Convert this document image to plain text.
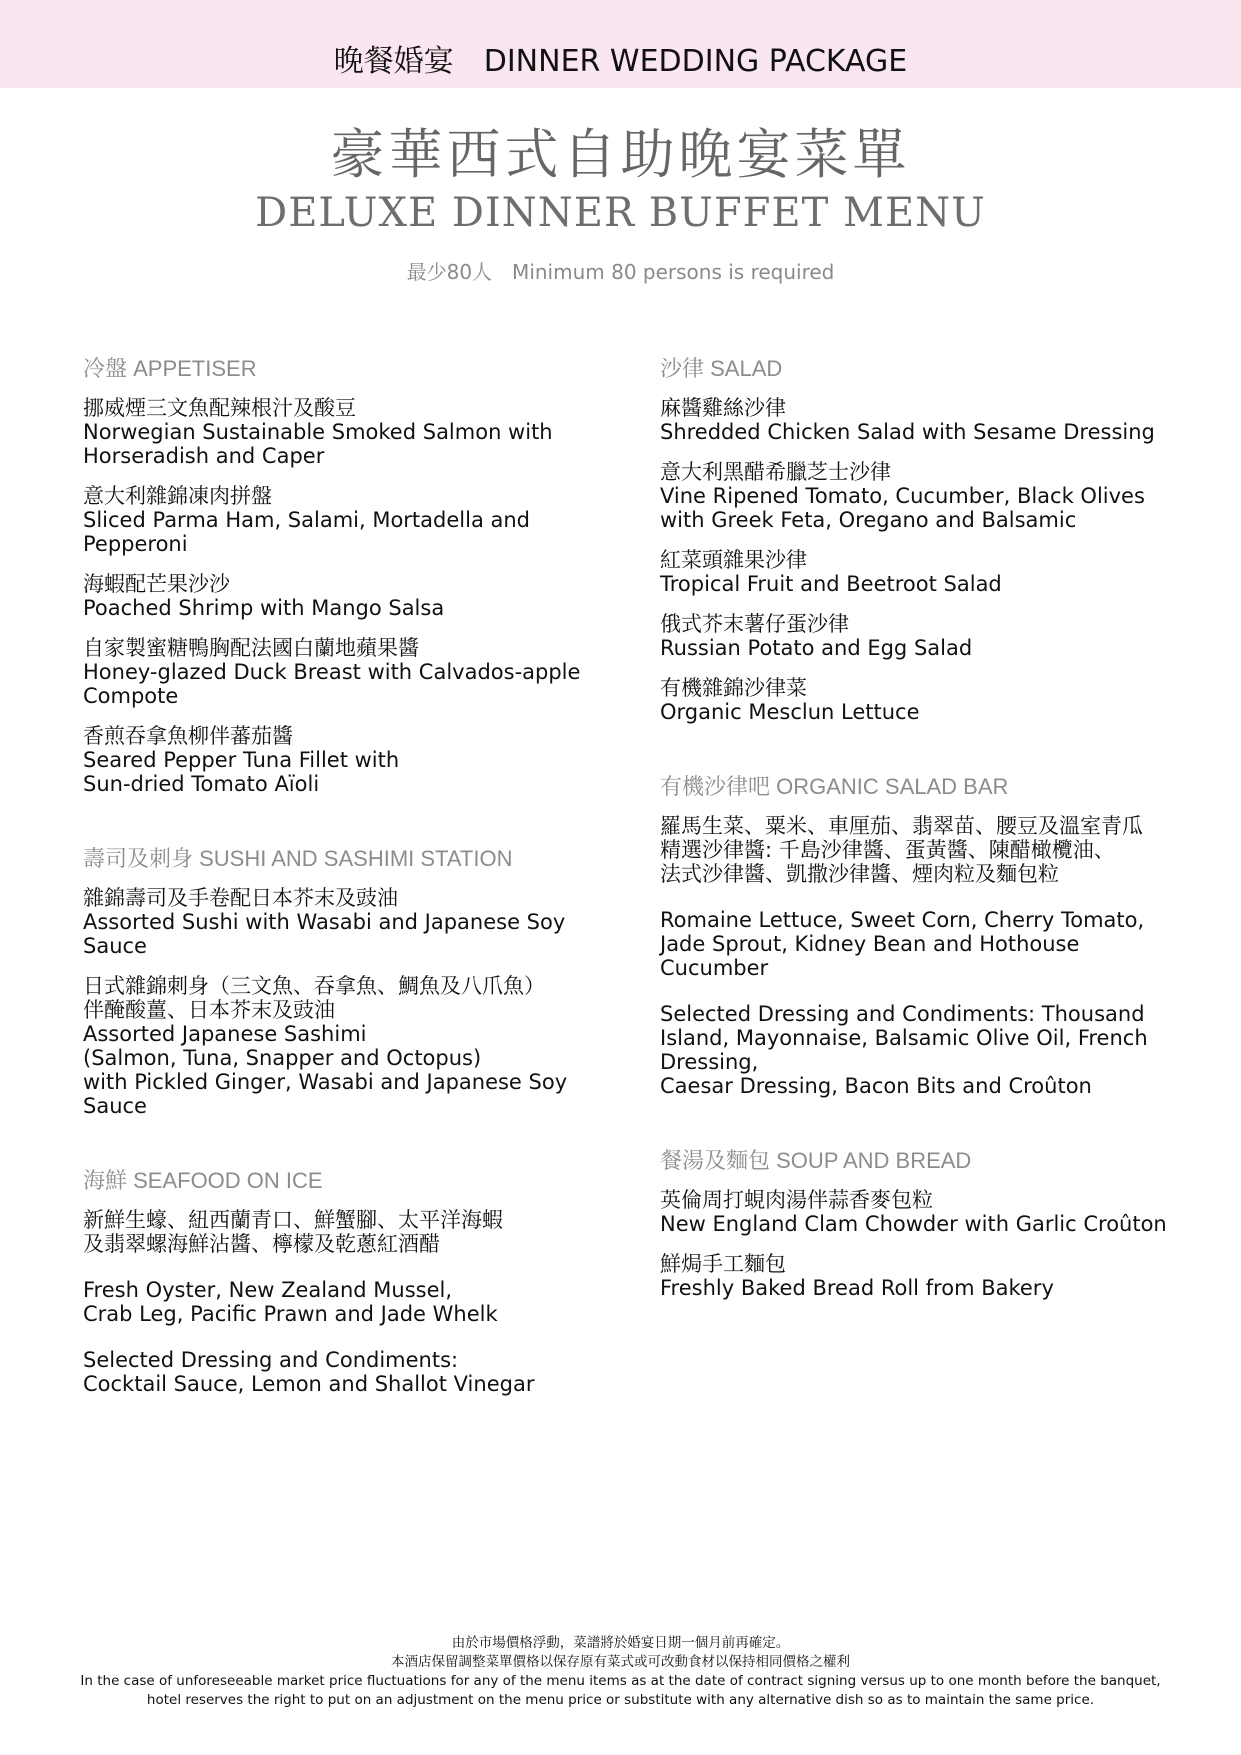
晚餐婚宴　DINNER WEDDING PACKAGE
豪華西式自助晚宴菜單
DELUXE DINNER BUFFET MENU
最少80人　Minimum 80 persons is required
冷盤 APPETISER
挪威煙三文魚配辣根汁及酸豆
Norwegian Sustainable Smoked Salmon with
Horseradish and Caper
意大利雜錦凍肉拼盤
Sliced Parma Ham, Salami, Mortadella and
Pepperoni
海蝦配芒果沙沙
Poached Shrimp with Mango Salsa
自家製蜜糖鴨胸配法國白蘭地蘋果醬
Honey-glazed Duck Breast with Calvados-apple
Compote
香煎吞拿魚柳伴蕃茄醬
Seared Pepper Tuna Fillet with
Sun-dried Tomato Aïoli
壽司及刺身 SUSHI AND SASHIMI STATION
雜錦壽司及手卷配日本芥末及豉油
Assorted Sushi with Wasabi and Japanese Soy
Sauce
日式雜錦刺身（三文魚、吞拿魚、鯛魚及八爪魚）
伴醃酸薑、日本芥末及豉油
Assorted Japanese Sashimi
(Salmon, Tuna, Snapper and Octopus)
with Pickled Ginger, Wasabi and Japanese Soy
Sauce
海鮮 SEAFOOD ON ICE
新鮮生蠔、紐西蘭青口、鮮蟹腳、太平洋海蝦
及翡翠螺海鮮沾醬、檸檬及乾蔥紅酒醋
Fresh Oyster, New Zealand Mussel,
Crab Leg, Pacific Prawn and Jade Whelk
Selected Dressing and Condiments:
Cocktail Sauce, Lemon and Shallot Vinegar
沙律 SALAD
麻醬雞絲沙律
Shredded Chicken Salad with Sesame Dressing
意大利黑醋希臘芝士沙律
Vine Ripened Tomato, Cucumber, Black Olives
with Greek Feta, Oregano and Balsamic
紅菜頭雜果沙律
Tropical Fruit and Beetroot Salad
俄式芥末薯仔蛋沙律
Russian Potato and Egg Salad
有機雜錦沙律菜
Organic Mesclun Lettuce
有機沙律吧 ORGANIC SALAD BAR
羅馬生菜、粟米、車厘茄、翡翠苗、腰豆及溫室青瓜
精選沙律醬: 千島沙律醬、蛋黃醬、陳醋橄欖油、
法式沙律醬、凱撒沙律醬、煙肉粒及麵包粒
Romaine Lettuce, Sweet Corn, Cherry Tomato,
Jade Sprout, Kidney Bean and Hothouse
Cucumber
Selected Dressing and Condiments: Thousand
Island, Mayonnaise, Balsamic Olive Oil, French
Dressing,
Caesar Dressing, Bacon Bits and Croûton
餐湯及麵包 SOUP AND BREAD
英倫周打蜆肉湯伴蒜香麥包粒
New England Clam Chowder with Garlic Croûton
鮮焗手工麵包
Freshly Baked Bread Roll from Bakery
由於市場價格浮動，菜譜將於婚宴日期一個月前再確定。
本酒店保留調整菜單價格以保存原有菜式或可改動食材以保持相同價格之權利
In the case of unforeseeable market price fluctuations for any of the menu items as at the date of contract signing versus up to one month before the banquet,
hotel reserves the right to put on an adjustment on the menu price or substitute with any alternative dish so as to maintain the same price.
